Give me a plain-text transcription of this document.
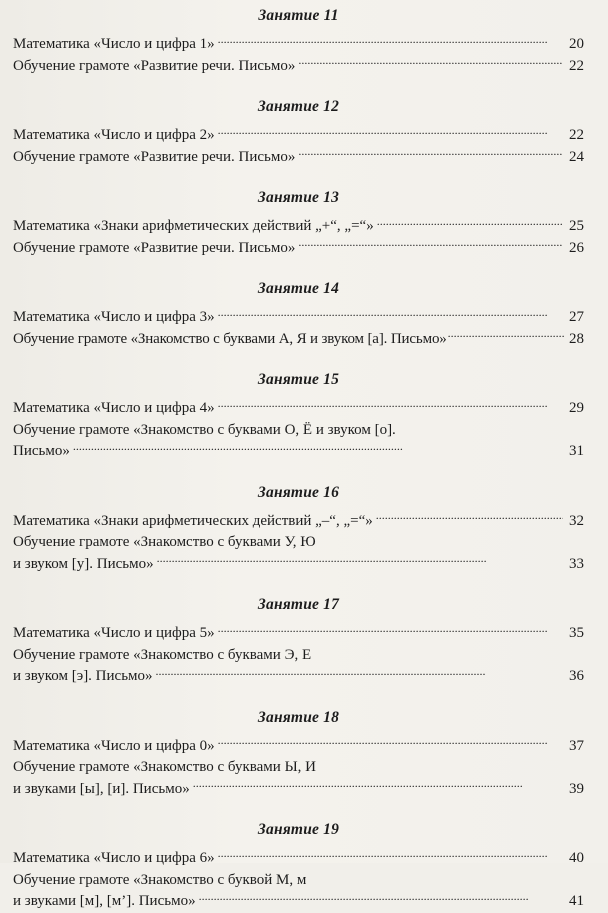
Занятие 11
Математика «Число и цифра 1» . . .	20
Обучение грамоте «Развитие речи. Письмо» . . .	22
Занятие 12
Математика «Число и цифра 2» . . .	22
Обучение грамоте «Развитие речи. Письмо» . . .	24
Занятие 13
Математика «Знаки арифметических действий „+“, „=“» . . .	25
Обучение грамоте «Развитие речи. Письмо» . . .	26
Занятие 14
Математика «Число и цифра 3» . . .	27
Обучение грамоте «Знакомство с буквами А, Я и звуком [а]. Письмо» . . .	28
Занятие 15
Математика «Число и цифра 4» . . .	29
Обучение грамоте «Знакомство с буквами О, Ё и звуком [о].
Письмо» . . .	31
Занятие 16
Математика «Знаки арифметических действий „–“, „=“» . . .	32
Обучение грамоте «Знакомство с буквами У, Ю
и звуком [у]. Письмо» . . .	33
Занятие 17
Математика «Число и цифра 5» . . .	35
Обучение грамоте «Знакомство с буквами Э, Е
и звуком [э]. Письмо» . . .	36
Занятие 18
Математика «Число и цифра 0» . . .	37
Обучение грамоте «Знакомство с буквами Ы, И
и звуками [ы], [и]. Письмо» . . .	39
Занятие 19
Математика «Число и цифра 6» . . .	40
Обучение грамоте «Знакомство с буквой М, м
и звуками [м], [м’]. Письмо» . . .	41
